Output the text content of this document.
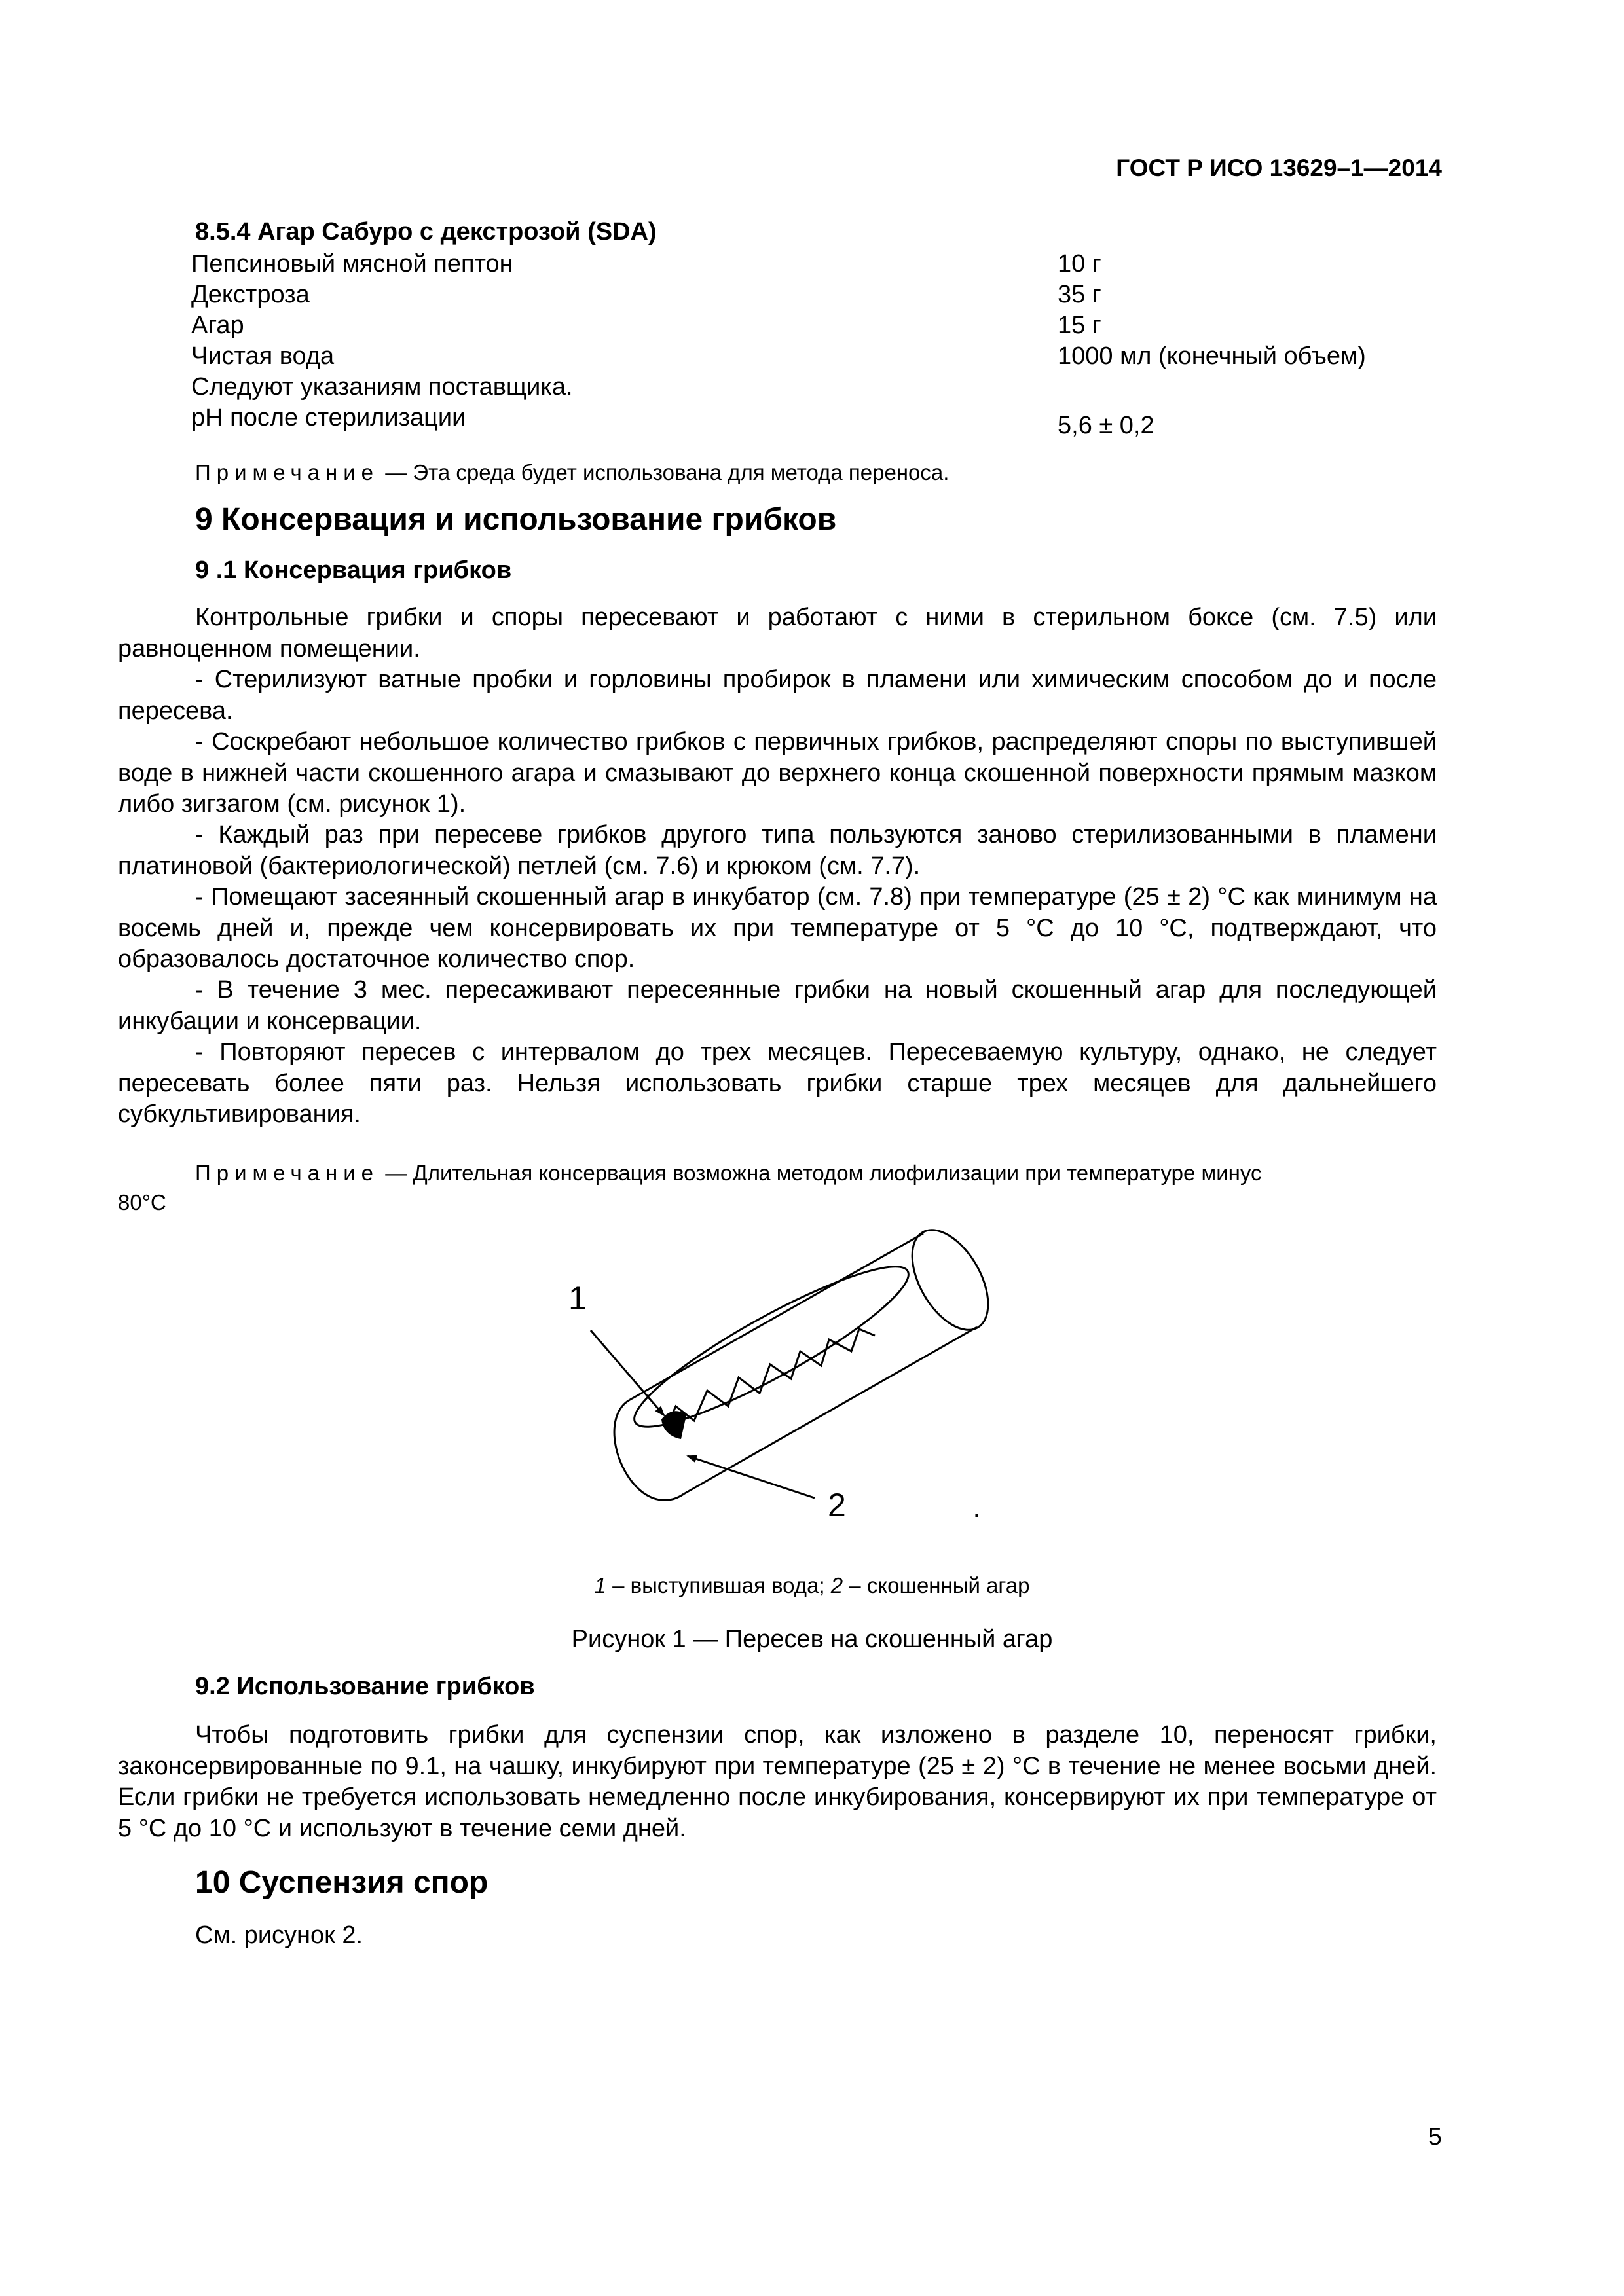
ГОСТ Р ИСО 13629–1—2014
8.5.4 Агар Сабуро с декстрозой (SDA)
Пепсиновый мясной пептон	10 г
Декстроза	35 г
Агар	15 г
Чистая вода	1000 мл (конечный объем)
Следуют указаниям поставщика.
pH после стерилизации	5,6 ± 0,2
Примечание — Эта среда будет использована для метода переноса.
9 Консервация и использование грибков
9 .1 Консервация грибков
Контрольные грибки и споры пересевают и работают с ними в стерильном боксе (см. 7.5) или равноценном помещении.
- Стерилизуют ватные пробки и горловины пробирок в пламени или химическим способом до и после пересева.
- Соскребают небольшое количество грибков с первичных грибков, распределяют споры по выступившей воде в нижней части скошенного агара и смазывают до верхнего конца скошенной поверхности прямым мазком либо зигзагом (см. рисунок 1).
- Каждый раз при пересеве грибков другого типа пользуются заново стерилизованными в пламени платиновой (бактериологической) петлей (см. 7.6) и крюком (см. 7.7).
- Помещают засеянный скошенный агар в инкубатор (см. 7.8) при температуре (25 ± 2) °С как минимум на восемь дней и, прежде чем консервировать их при температуре от 5 °С до 10 °С, подтверждают, что образовалось достаточное количество спор.
- В течение 3 мес. пересаживают пересеянные грибки на новый скошенный агар для последующей инкубации и консервации.
- Повторяют пересев с интервалом до трех месяцев. Пересеваемую культуру, однако, не следует пересевать более пяти раз. Нельзя использовать грибки старше трех месяцев для дальнейшего субкультивирования.
Примечание — Длительная консервация возможна методом лиофилизации при температуре минус
80°С
1
2	.
1 – выступившая вода; 2 – скошенный агар
Рисунок 1 — Пересев на скошенный агар
9.2 Использование грибков
Чтобы подготовить грибки для суспензии спор, как изложено в разделе 10, переносят грибки, законсервированные по 9.1, на чашку, инкубируют при температуре (25 ± 2) °С в течение не менее восьми дней. Если грибки не требуется использовать немедленно после инкубирования, консервируют их при температуре от 5 °С до 10 °С и используют в течение семи дней.
10 Суспензия спор
См. рисунок 2.
5
